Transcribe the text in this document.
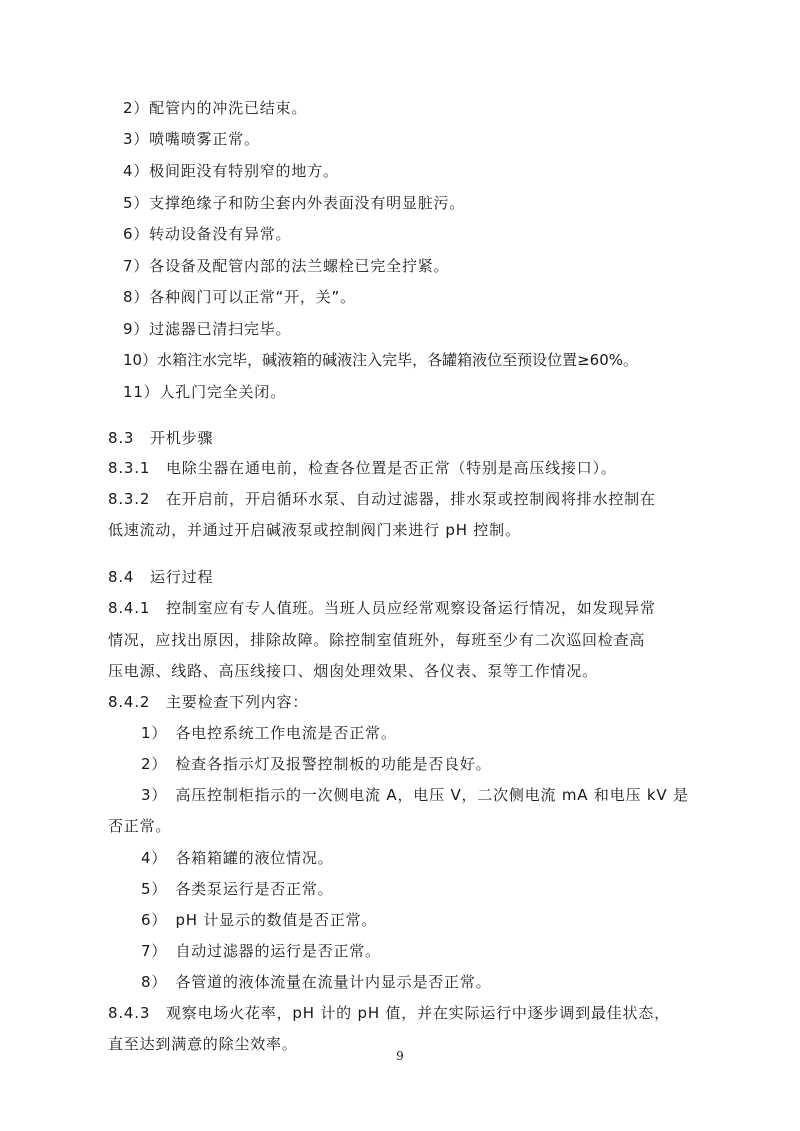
2）配管内的冲洗已结束。
3）喷嘴喷雾正常。
4）极间距没有特别窄的地方。
5）支撑绝缘子和防尘套内外表面没有明显脏污。
6）转动设备没有异常。
7）各设备及配管内部的法兰螺栓已完全拧紧。
8）各种阀门可以正常“开，关”。
9）过滤器已清扫完毕。
10）水箱注水完毕，碱液箱的碱液注入完毕，各罐箱液位至预设位置≥60%。
11）人孔门完全关闭。
8.3　开机步骤
8.3.1　电除尘器在通电前，检查各位置是否正常（特别是高压线接口）。
8.3.2　在开启前，开启循环水泵、自动过滤器，排水泵或控制阀将排水控制在
低速流动，并通过开启碱液泵或控制阀门来进行 pH 控制。
8.4　运行过程
8.4.1　控制室应有专人值班。当班人员应经常观察设备运行情况，如发现异常
情况，应找出原因，排除故障。除控制室值班外，每班至少有二次巡回检查高
压电源、线路、高压线接口、烟囱处理效果、各仪表、泵等工作情况。
8.4.2　主要检查下列内容：
1）　各电控系统工作电流是否正常。
2）　检查各指示灯及报警控制板的功能是否良好。
3）　高压控制柜指示的一次侧电流 A，电压 V，二次侧电流 mA 和电压 kV 是
否正常。
4）　各箱箱罐的液位情况。
5）　各类泵运行是否正常。
6）　pH 计显示的数值是否正常。
7）　自动过滤器的运行是否正常。
8）　各管道的液体流量在流量计内显示是否正常。
8.4.3　观察电场火花率，pH 计的 pH 值，并在实际运行中逐步调到最佳状态，
直至达到满意的除尘效率。
9
